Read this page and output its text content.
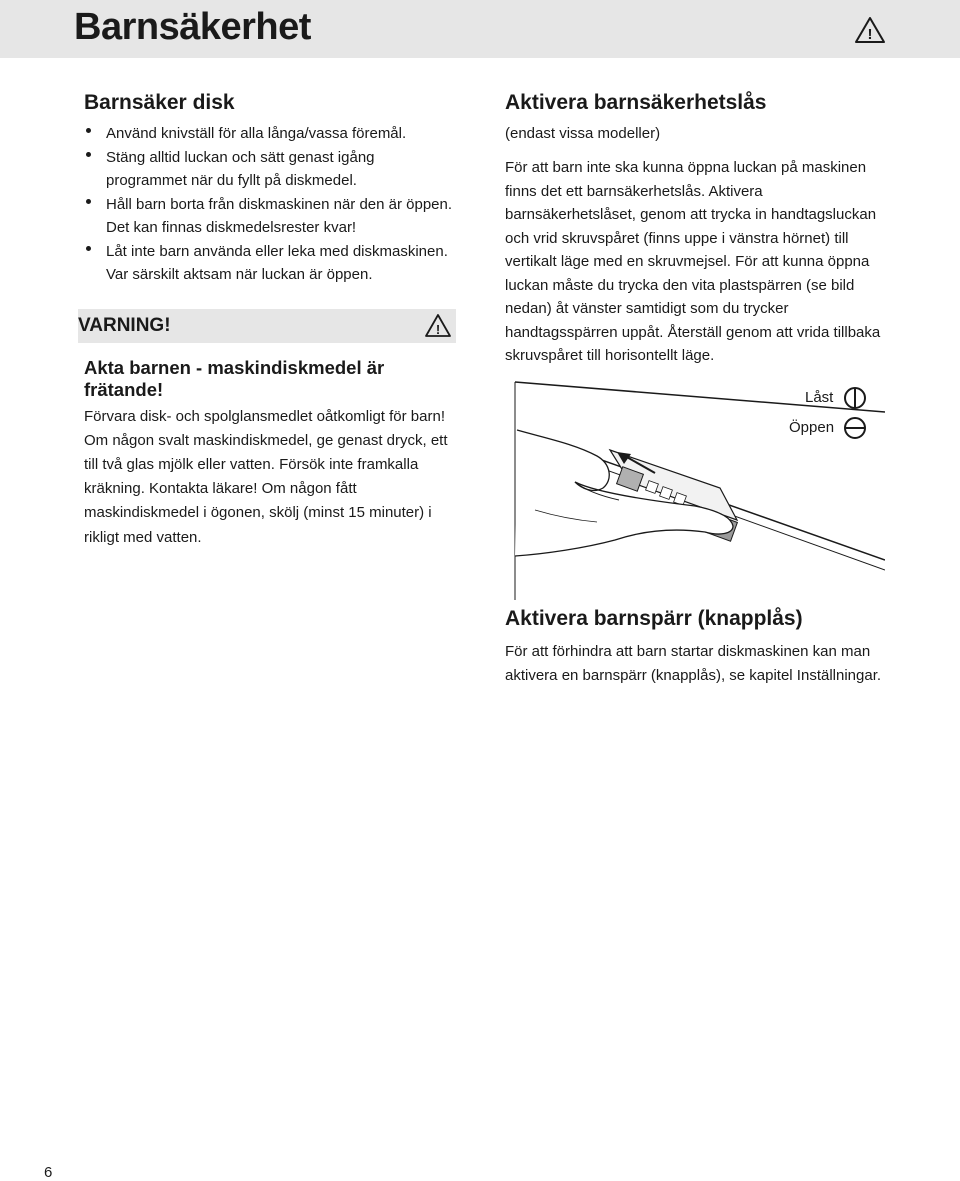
Barnsäkerhet	!
Barnsäker disk
Använd knivställ för alla långa/vassa föremål.
Stäng alltid luckan och sätt genast igång programmet när du fyllt på diskmedel.
Håll barn borta från diskmaskinen när den är öppen. Det kan finnas diskmedelsrester kvar!
Låt inte barn använda eller leka med diskmaskinen. Var särskilt aktsam när luckan är öppen.
VARNING!	!
Akta barnen - maskindiskmedel är frätande!

Förvara disk- och spolglansmedlet oåtkomligt för barn! Om någon svalt maskindiskmedel, ge genast dryck, ett till två glas mjölk eller vatten. Försök inte framkalla kräkning. Kontakta läkare! Om någon fått maskindiskmedel i ögonen, skölj (minst 15 minuter) i rikligt med vatten.

Aktivera barnsäkerhetslås

(endast vissa modeller)

För att barn inte ska kunna öppna luckan på maskinen finns det ett barnsäkerhetslås. Aktivera barnsäkerhetslåset, genom att trycka in handtagsluckan och vrid skruvspåret (finns uppe i vänstra hörnet) till vertikalt läge med en skruvmejsel. För att kunna öppna luckan måste du trycka den vita plastspärren (se bild nedan) åt vänster samtidigt som du trycker handtagsspärren uppåt. Återställ genom att vrida tillbaka skruvspåret till horisontellt läge.

Låst
Öppen
Aktivera barnspärr (knapplås)

För att förhindra att barn startar diskmaskinen kan man aktivera en barnspärr (knapplås), se kapitel Inställningar.

6
